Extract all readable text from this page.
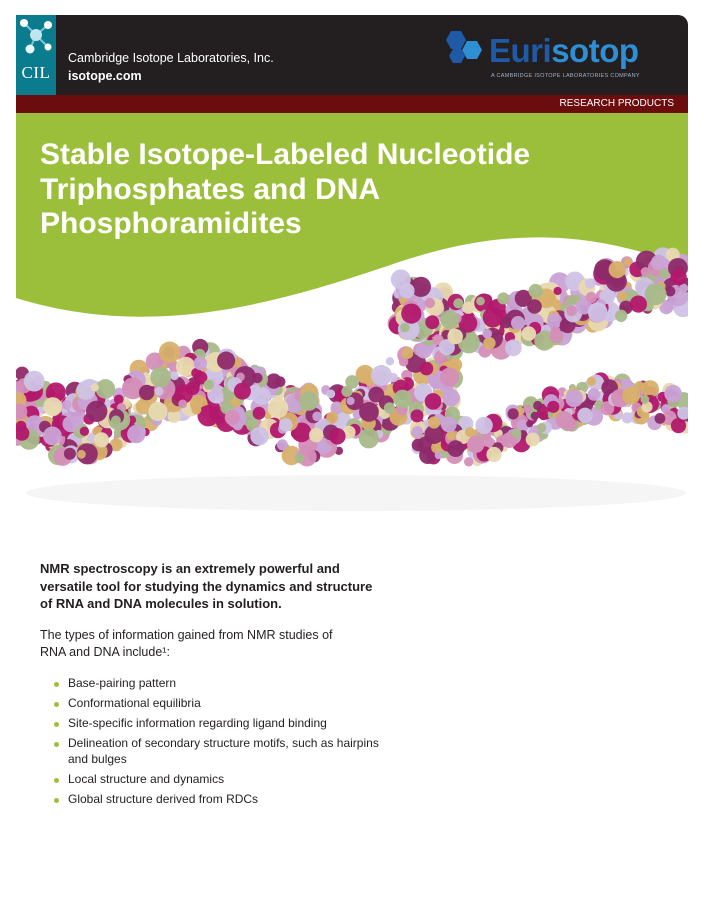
CIL
Cambridge Isotope Laboratories, Inc.
isotope.com
Eurisotop
A CAMBRIDGE ISOTOPE LABORATORIES COMPANY
RESEARCH PRODUCTS
Stable Isotope-Labeled Nucleotide Triphosphates and DNA Phosphoramidites

NMR spectroscopy is an extremely powerful and versatile tool for studying the dynamics and structure of RNA and DNA molecules in solution.

The types of information gained from NMR studies of RNA and DNA include¹:

Base-pairing pattern
Conformational equilibria
Site-specific information regarding ligand binding
Delineation of secondary structure motifs, such as hairpins and bulges
Local structure and dynamics
Global structure derived from RDCs
